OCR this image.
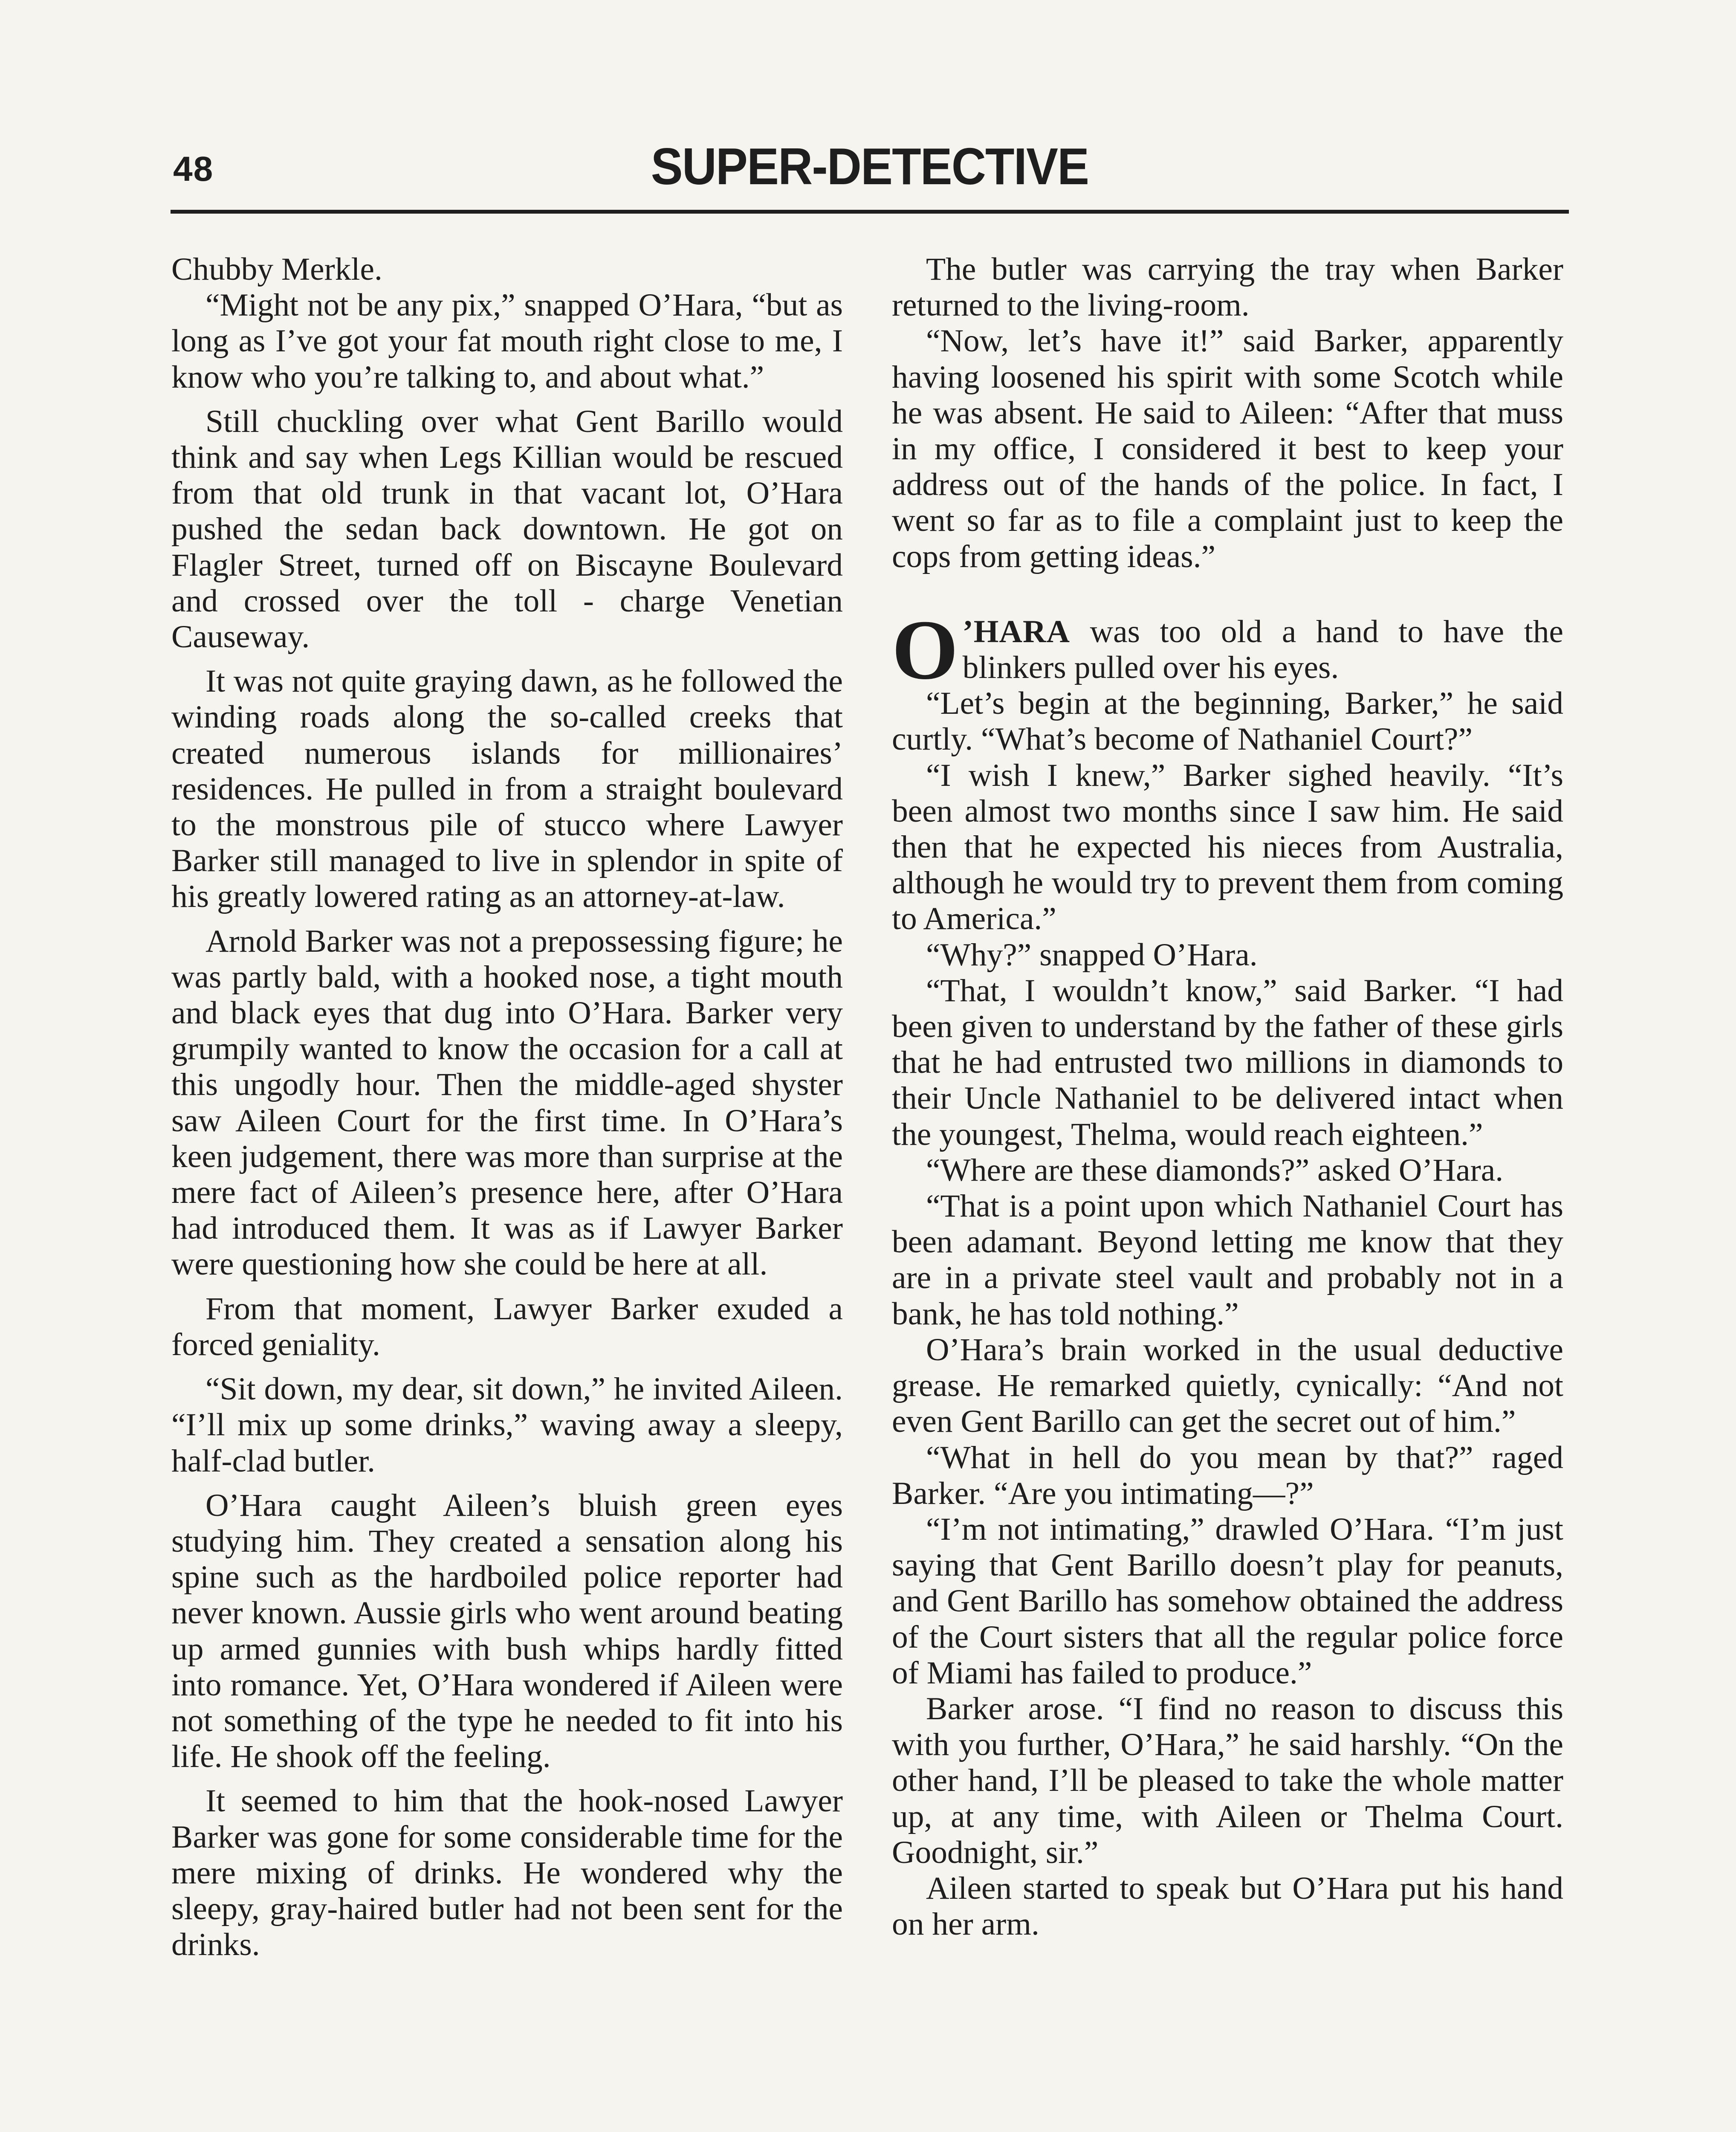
48	SUPER-DETECTIVE

Chubby Merkle.

“Might not be any pix,” snapped O’Hara, “but as long as I’ve got your fat mouth right close to me, I know who you’re talking to, and about what.”

Still chuckling over what Gent Barillo would think and say when Legs Killian would be rescued from that old trunk in that vacant lot, O’Hara pushed the sedan back downtown. He got on Flagler Street, turned off on Biscayne Boulevard and crossed over the toll - charge Venetian Causeway.

It was not quite graying dawn, as he followed the winding roads along the so-called creeks that created numerous islands for millionaires’ residences. He pulled in from a straight boulevard to the monstrous pile of stucco where Lawyer Barker still managed to live in splendor in spite of his greatly lowered rating as an attorney-at-law.

Arnold Barker was not a prepossessing figure; he was partly bald, with a hooked nose, a tight mouth and black eyes that dug into O’Hara. Barker very grumpily wanted to know the occasion for a call at this ungodly hour. Then the middle-aged shyster saw Aileen Court for the first time. In O’Hara’s keen judgement, there was more than surprise at the mere fact of Aileen’s presence here, after O’Hara had introduced them. It was as if Lawyer Barker were questioning how she could be here at all.

From that moment, Lawyer Barker exuded a forced geniality.

“Sit down, my dear, sit down,” he invited Aileen. “I’ll mix up some drinks,” waving away a sleepy, half-clad butler.

O’Hara caught Aileen’s bluish green eyes studying him. They created a sensation along his spine such as the hardboiled police reporter had never known. Aussie girls who went around beating up armed gunnies with bush whips hardly fitted into romance. Yet, O’Hara wondered if Aileen were not something of the type he needed to fit into his life. He shook off the feeling.

It seemed to him that the hook-nosed Lawyer Barker was gone for some considerable time for the mere mixing of drinks. He wondered why the sleepy, gray-haired butler had not been sent for the drinks.

The butler was carrying the tray when Barker returned to the living-room.

“Now, let’s have it!” said Barker, apparently having loosened his spirit with some Scotch while he was absent. He said to Aileen: “After that muss in my office, I considered it best to keep your address out of the hands of the police. In fact, I went so far as to file a complaint just to keep the cops from getting ideas.”

O ’HARA was too old a hand to have the blinkers pulled over his eyes.

“Let’s begin at the beginning, Barker,” he said curtly. “What’s become of Nathaniel Court?”

“I wish I knew,” Barker sighed heavily. “It’s been almost two months since I saw him. He said then that he expected his nieces from Australia, although he would try to prevent them from coming to America.”

“Why?” snapped O’Hara.

“That, I wouldn’t know,” said Barker. “I had been given to understand by the father of these girls that he had entrusted two millions in diamonds to their Uncle Nathaniel to be delivered intact when the youngest, Thelma, would reach eighteen.”

“Where are these diamonds?” asked O’Hara.

“That is a point upon which Nathaniel Court has been adamant. Beyond letting me know that they are in a private steel vault and probably not in a bank, he has told nothing.”

O’Hara’s brain worked in the usual deductive grease. He remarked quietly, cynically: “And not even Gent Barillo can get the secret out of him.”

“What in hell do you mean by that?” raged Barker. “Are you intimating—?”

“I’m not intimating,” drawled O’Hara. “I’m just saying that Gent Barillo doesn’t play for peanuts, and Gent Barillo has somehow obtained the address of the Court sisters that all the regular police force of Miami has failed to produce.”

Barker arose. “I find no reason to discuss this with you further, O’Hara,” he said harshly. “On the other hand, I’ll be pleased to take the whole matter up, at any time, with Aileen or Thelma Court. Goodnight, sir.”

Aileen started to speak but O’Hara put his hand on her arm.
